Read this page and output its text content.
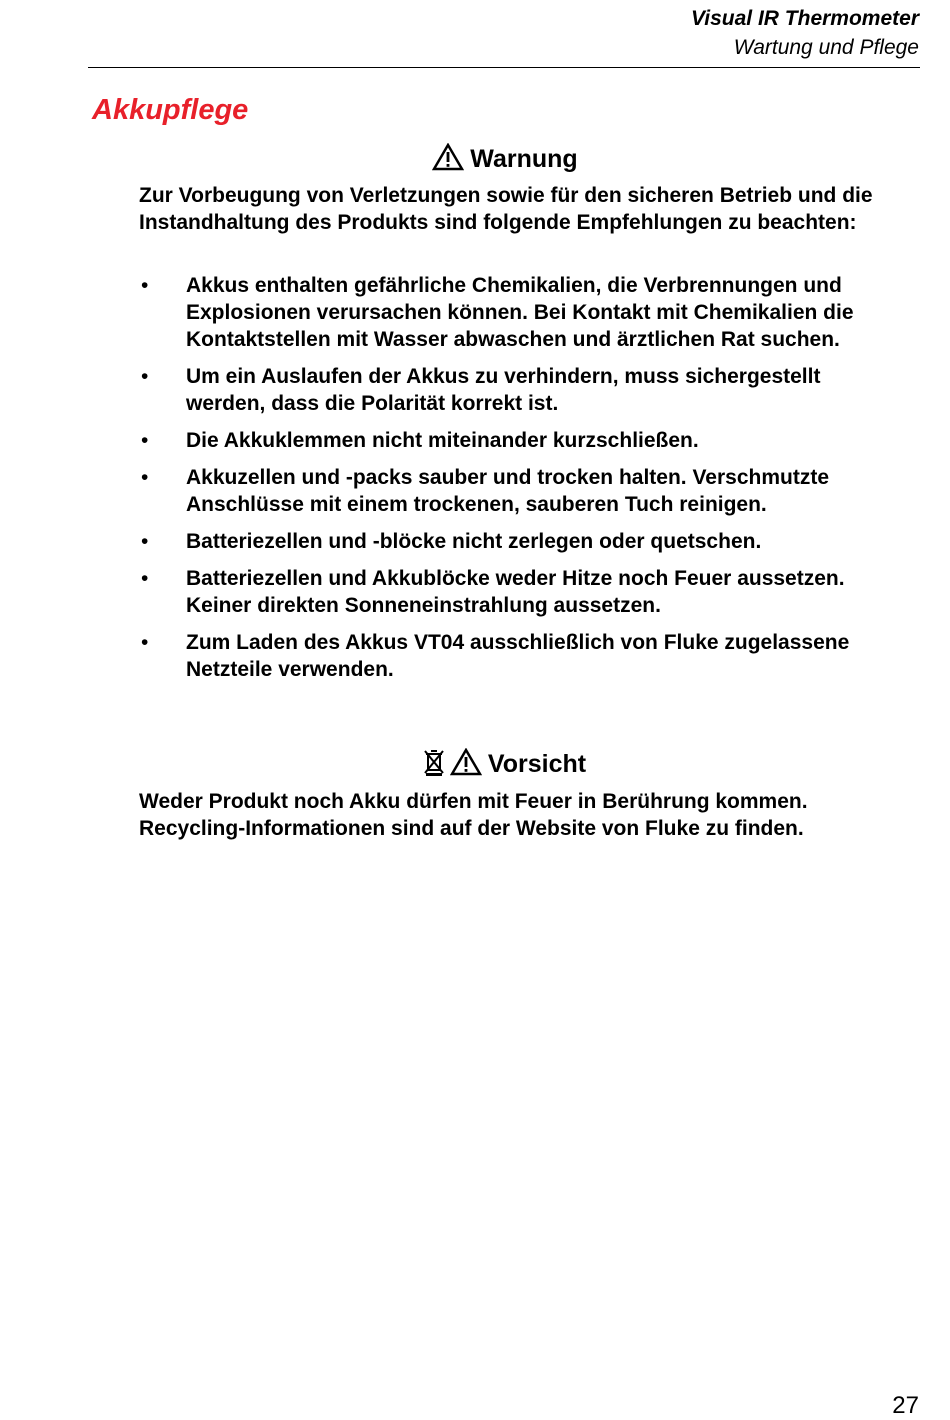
Visual IR Thermometer
Wartung und Pflege
Akkupflege
Warnung

Zur Vorbeugung von Verletzungen sowie für den sicheren Betrieb und die Instandhaltung des Produkts sind folgende Empfehlungen zu beachten:

• Akkus enthalten gefährliche Chemikalien, die Verbrennungen und Explosionen verursachen können. Bei Kontakt mit Chemikalien die Kontaktstellen mit Wasser abwaschen und ärztlichen Rat suchen.
• Um ein Auslaufen der Akkus zu verhindern, muss sichergestellt werden, dass die Polarität korrekt ist.
• Die Akkuklemmen nicht miteinander kurzschließen.
• Akkuzellen und -packs sauber und trocken halten. Verschmutzte Anschlüsse mit einem trockenen, sauberen Tuch reinigen.
• Batteriezellen und -blöcke nicht zerlegen oder quetschen.
• Batteriezellen und Akkublöcke weder Hitze noch Feuer aussetzen. Keiner direkten Sonneneinstrahlung aussetzen.
• Zum Laden des Akkus VT04 ausschließlich von Fluke zugelassene Netzteile verwenden.
Vorsicht

Weder Produkt noch Akku dürfen mit Feuer in Berührung kommen. Recycling-Informationen sind auf der Website von Fluke zu finden.

27
